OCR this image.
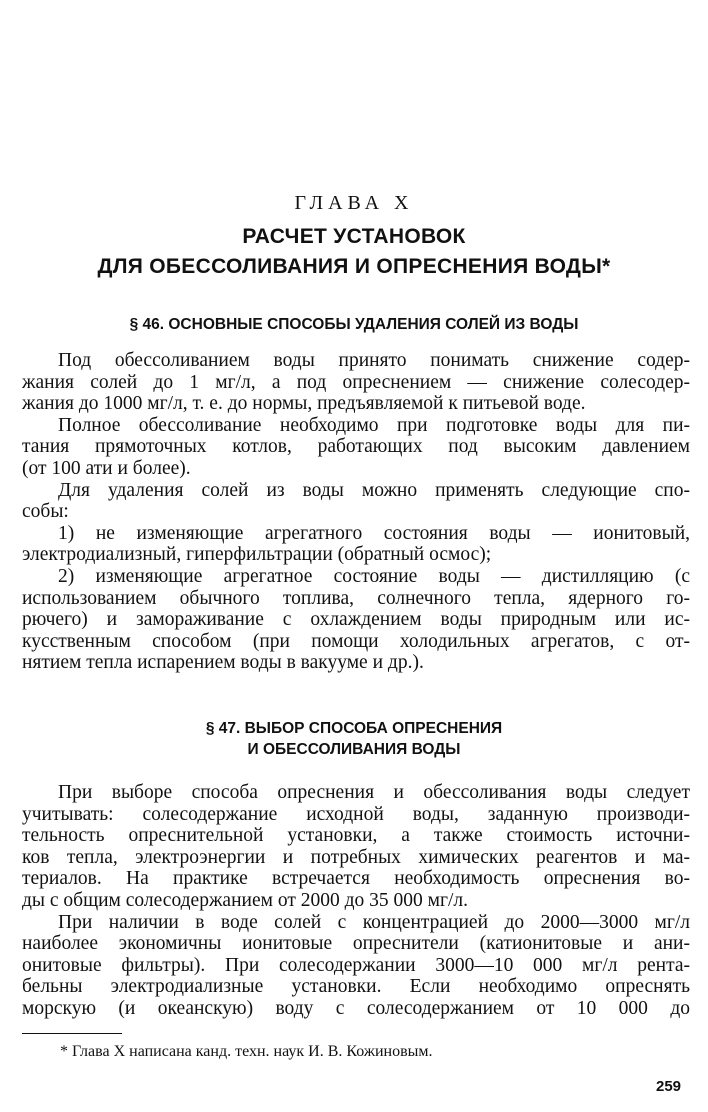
ГЛАВА Х
РАСЧЕТ УСТАНОВОК
ДЛЯ ОБЕССОЛИВАНИЯ И ОПРЕСНЕНИЯ ВОДЫ*
§ 46. ОСНОВНЫЕ СПОСОБЫ УДАЛЕНИЯ СОЛЕЙ ИЗ ВОДЫ
Под обессоливанием воды принято понимать снижение содер-
жания солей до 1 мг/л, а под опреснением — снижение солесодер-
жания до 1000 мг/л, т. е. до нормы, предъявляемой к питьевой воде.
Полное обессоливание необходимо при подготовке воды для пи-
тания прямоточных котлов, работающих под высоким давлением
(от 100 ати и более).
Для удаления солей из воды можно применять следующие спо-
собы:
1) не изменяющие агрегатного состояния воды — ионитовый,
электродиализный, гиперфильтрации (обратный осмос);
2) изменяющие агрегатное состояние воды — дистилляцию (с
использованием обычного топлива, солнечного тепла, ядерного го-
рючего) и замораживание с охлаждением воды природным или ис-
кусственным способом (при помощи холодильных агрегатов, с от-
нятием тепла испарением воды в вакууме и др.).
§ 47. ВЫБОР СПОСОБА ОПРЕСНЕНИЯ
И ОБЕССОЛИВАНИЯ ВОДЫ
При выборе способа опреснения и обессоливания воды следует
учитывать: солесодержание исходной воды, заданную производи-
тельность опреснительной установки, а также стоимость источни-
ков тепла, электроэнергии и потребных химических реагентов и ма-
териалов. На практике встречается необходимость опреснения во-
ды с общим солесодержанием от 2000 до 35 000 мг/л.
При наличии в воде солей с концентрацией до 2000—3000 мг/л
наиболее экономичны ионитовые опреснители (катионитовые и ани-
онитовые фильтры). При солесодержании 3000—10 000 мг/л рента-
бельны электродиализные установки. Если необходимо опреснять
морскую (и океанскую) воду с солесодержанием от 10 000 до
* Глава X написана канд. техн. наук И. В. Кожиновым.
259
